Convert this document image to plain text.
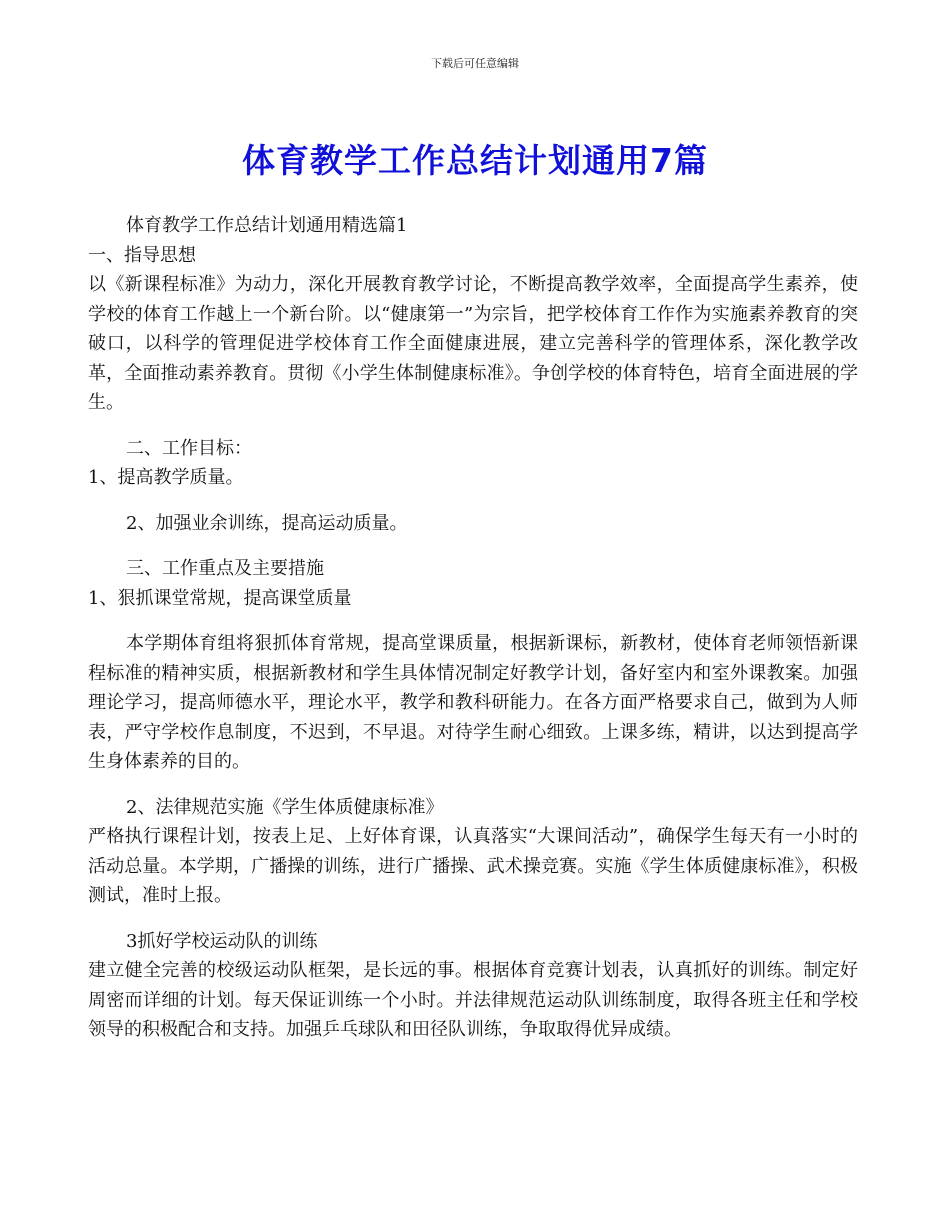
下载后可任意编辑
体育教学工作总结计划通用7篇

体育教学工作总结计划通用精选篇1

一、指导思想

以《新课程标准》为动力，深化开展教育教学讨论，不断提高教学效率，全面提高学生素养，使学校的体育工作越上一个新台阶。以“健康第一”为宗旨，把学校体育工作作为实施素养教育的突破口，以科学的管理促进学校体育工作全面健康进展，建立完善科学的管理体系，深化教学改革，全面推动素养教育。贯彻《小学生体制健康标准》。争创学校的体育特色，培育全面进展的学生。

二、工作目标：

1、提高教学质量。

2、加强业余训练，提高运动质量。

三、工作重点及主要措施

1、狠抓课堂常规，提高课堂质量

本学期体育组将狠抓体育常规，提高堂课质量，根据新课标，新教材，使体育老师领悟新课程标准的精神实质，根据新教材和学生具体情况制定好教学计划，备好室内和室外课教案。加强理论学习，提高师德水平，理论水平，教学和教科研能力。在各方面严格要求自己，做到为人师表，严守学校作息制度，不迟到，不早退。对待学生耐心细致。上课多练，精讲，以达到提高学生身体素养的目的。

2、法律规范实施《学生体质健康标准》

严格执行课程计划，按表上足、上好体育课，认真落实“大课间活动”，确保学生每天有一小时的活动总量。本学期，广播操的训练，进行广播操、武术操竞赛。实施《学生体质健康标准》，积极测试，准时上报。

3抓好学校运动队的训练

建立健全完善的校级运动队框架，是长远的事。根据体育竞赛计划表，认真抓好的训练。制定好周密而详细的计划。每天保证训练一个小时。并法律规范运动队训练制度，取得各班主任和学校领导的积极配合和支持。加强乒乓球队和田径队训练，争取取得优异成绩。
